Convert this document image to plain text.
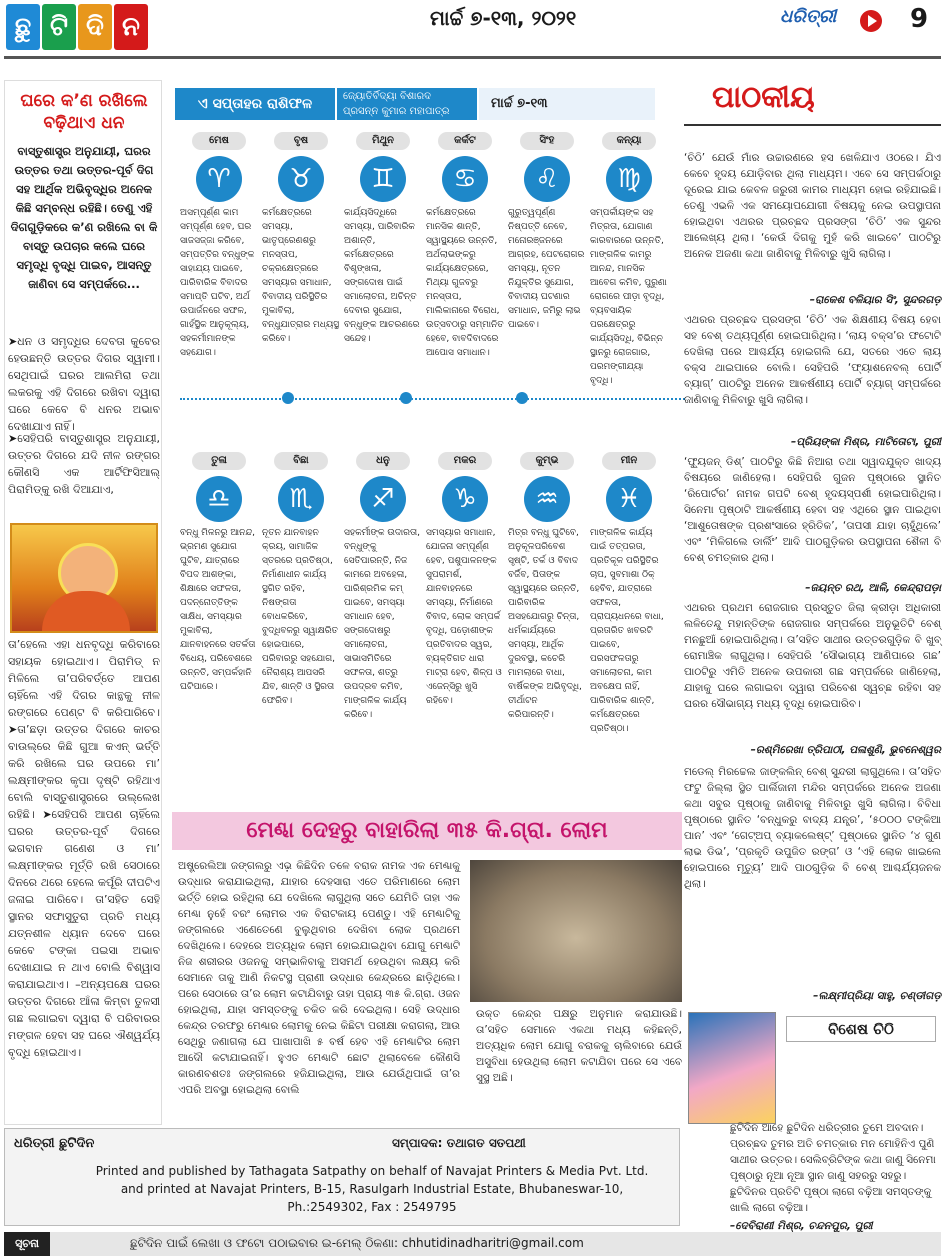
ଛୁ ଟି ଦି ନ	ମାର୍ଚ୍ଚ ୭-୧୩, ୨୦୨୧	ଧରିତ୍ରୀ	9
ଘରେ କ’ଣ ରଖିଲେ ବଢ଼ିଥାଏ ଧନ
ବାସ୍ତୁଶାସ୍ତ୍ର ଅନୁଯାୟୀ, ଘରର ଉତ୍ତର ତଥା ଉତ୍ତର-ପୂର୍ବ ଦିଗ ସହ ଆର୍ଥିକ ଅଭିବୃଦ୍ଧିର ଅନେକ କିଛି ସମ୍ବନ୍ଧ ରହିଛି। ତେଣୁ ଏହି ଦିଗଗୁଡ଼ିକରେ କ’ଣ ରଖିଲେ ବା କି ବାସ୍ତୁ ଉପଚାର କଲେ ଘରେ ସମୃଦ୍ଧି ବୃଦ୍ଧି ପାଇବ, ଆସନ୍ତୁ ଜାଣିବା ସେ ସମ୍ପର୍କରେ...
➤ଧନ ଓ ସମୃଦ୍ଧିର ଦେବତା କୁବେର ହେଉଛନ୍ତି ଉତ୍ତର ଦିଗର ସ୍ୱାମୀ। ସେଥିପାଇଁ ଘରର ଆଲମିରା ତଥା ଲକରକୁ ଏହି ଦିଗରେ ରଖିବା ଦ୍ୱାରା ଘରେ କେବେ ବି ଧନର ଅଭାବ ଦେଖାଯାଏ ନାହିଁ।
➤ସେହିପରି ବାସ୍ତୁଶାସ୍ତ୍ର ଅନୁଯାୟୀ, ଉତ୍ତର ଦିଗରେ ଯଦି ନୀଳ ରଙ୍ଗର କୌଣସି ଏକ ଆର୍ଟିଫିସିଆଲ୍ ପିରାମିଡ୍‌କୁ ରଖି ଦିଆଯାଏ,
ତା’ହେଲେ ଏହା ଧନବୃଦ୍ଧି କରିବାରେ ସହାୟକ ହୋଇଥାଏ। ପିରାମିଡ୍ ନ ମିଳିଲେ ତା’ପରିବର୍ତ୍ତେ ଆପଣ ଚାହିଁଲେ ଏହି ଦିଗର କାନ୍ଥକୁ ନୀଳ ରଙ୍ଗରେ ପେଣ୍ଟ ବି କରିପାରିବେ। ➤ତା’ଛଡ଼ା ଉତ୍ତର ଦିଗରେ କାଚର ବାଉଲ୍‌ରେ କିଛି ଗୁଆ କଏନ୍ ଭର୍ତ୍ତି କରି ରଖିଲେ ଘର ଉପରେ ମା’ ଲକ୍ଷ୍ମୀଙ୍କର କୃପା ଦୃଷ୍ଟି ରହିଥାଏ ବୋଲି ବାସ୍ତୁଶାସ୍ତ୍ରରେ ଉଲ୍ଲେଖ ରହିଛି। ➤ସେହିପରି ଆପଣ ଚାହିଁଲେ ଘରର ଉତ୍ତର-ପୂର୍ବ ଦିଗରେ ଭଗବାନ ଗଣେଶ ଓ ମା’ ଲକ୍ଷ୍ମୀଙ୍କର ମୂର୍ତ୍ତି ରଖି ସେଠାରେ ଦିନରେ ଥରେ ହେଲେ କର୍ପୂରି ଦୀପଟିଏ ଜଳାଇ ପାରିବେ। ତା’ସହିତ ସେହି ସ୍ଥାନର ସଫାସୁତୁରା ପ୍ରତି ମଧ୍ୟ ଯତ୍ନଶୀଳ ଧ୍ୟାନ ଦେବେ ଘରେ କେବେ ଟଙ୍କା ପଇସା ଅଭାବ ଦେଖାଯାଇ ନ ଥାଏ ବୋଲି ବିଶ୍ୱାସ କରାଯାଇଥାଏ। –ଅନ୍ୟପକ୍ଷେ ଘରର ଉତ୍ତର ଦିଗରେ ଆଁଳା କିମ୍ବା ତୁଳସୀ ଗଛ ଲଗାଇବା ଦ୍ୱାରା ବି ପରିବାରର ମଙ୍ଗଳ ହେବା ସହ ଘରେ ଐଶ୍ୱର୍ଯ୍ୟ ବୃଦ୍ଧି ହୋଇଥାଏ।
ଏ ସପ୍ତାହର ରାଶିଫଳ	ଜ୍ୟୋତିର୍ବିଦ୍ୟା ବିଶାରଦ
ପ୍ରସନ୍ନ କୁମାର ମହାପାତ୍ର
ମାର୍ଚ୍ଚ ୭-୧୩
ମେଷ
♈
ଅସମ୍ପୂର୍ଣ୍ଣ କାମ ସମ୍ପୂର୍ଣ୍ଣ ହେବ, ଘର ସାଜସଜ୍ଜା କରିବେ, ସମ୍ପତ୍ତିର ବନ୍ଧୁଙ୍କ ସାହାଯ୍ୟ ପାଇବେ, ପାରିବାରିକ ବିବାଦର ସମାପ୍ତି ଘଟିବ, ଅର୍ଥ ଉପାର୍ଜନରେ ସଫଳ, ଗାର୍ହସ୍ଥିକ ଆନୁକୂଲ୍ୟ, ସହକର୍ମୀମାନଙ୍କ ସହଯୋଗ।
ବୃଷ
♉
କର୍ମକ୍ଷେତ୍ରରେ ସମସ୍ୟା, ଭାତୃପ୍ରେଣଶରୁ ମନସ୍ତାପ, ଚକ୍ରକ୍ଷେତ୍ରରେ ସମସ୍ୟାର ସମାଧାନ, ବିବାଦୀୟ ପରିସ୍ଥିତିର ମୁକାବିଲା, ବନ୍ଧୁଯାତ୍ରାର ମଧ୍ୟସ୍ଥ କରିବେ।
ମିଥୁନ
♊
କାର୍ଯ୍ୟସିଦ୍ଧିରେ ସମସ୍ୟା, ପାରିବାରିକ ଅଶାନ୍ତି, କର୍ମକ୍ଷେତ୍ରରେ ବିଶୃଙ୍ଖଳା, ସଙ୍ଗଦୋଷ ପାଇଁ ସମାଲୋଚନା, ଅଚିନ୍ତ ଦେବାର ସୁଯୋଗ, ବନ୍ଧୁଙ୍କ ଆଚରଣରେ ସନ୍ଦେହ।
କର୍କଟ
♋
କର୍ମକ୍ଷେତ୍ରରେ ମାନସିକ ଶାନ୍ତି, ସ୍ୱାସ୍ଥ୍ୟରେ ଉନ୍ନତି, ଅର୍ଥଲାଭଙ୍କରୁ କାର୍ଯ୍ୟକ୍ଷେତ୍ରରେ, ମିଥ୍ୟା ଗୁଜବରୁ ମନସ୍ତାପ, ମାଲିକାନାରେ ବିରୋଧ, ଉତ୍ସବଠାରୁ ସମ୍ମାନିତ ହେବେ, ବାବଦିବାଦରେ ଆପୋସ ସମାଧାନ।
ସିଂହ
♌
ଗୁରୁତ୍ୱପୂର୍ଣ୍ଣ ନିଷ୍ପତ୍ତି ନେବେ, ମନୋରଞ୍ଜନରେ ଆଗ୍ରହ, ପେଟରୋଗର ସମସ୍ୟା, ନୂତନ ନିଯୁକ୍ତିର ସୁଯୋଗ, ବିବାଦୀୟ ଘଟଣାର ସମାଧାନ, ଜମିରୁ ଲାଭ ପାଇବେ।
କନ୍ୟା
♍
ସମ୍ପର୍କୀୟଙ୍କ ସହ ମିତ୍ରତା, ଯୋଗାଣ କାରବାରରେ ଉନ୍ନତି, ମାଙ୍ଗଳିକ କାମରୁ ଆନନ୍ଦ, ମାନସିକ ଆବେଗ କମିବ, ପୁରୁଣା ରୋଗରେ ପୀଡ଼ା ବୃଦ୍ଧି, ବ୍ୟବସାୟିକ ପରକ୍ଷେତ୍ରରୁ କାର୍ଯ୍ୟସିଦ୍ଧି, ବିଭିନ୍ନ ସ୍ଥାନରୁ ରୋଜଗାର, ପରମଙ୍ଗୀଯ୍ୟା ବୃଦ୍ଧି।
ତୁଳା
♎
ବନ୍ଧୁ ମିଳନରୁ ଆନନ୍ଦ, ଭ୍ରମଣ ସୁଯୋଗ ଘୁଟିବ, ଯାତ୍ରାରେ ବିପଦ ଆଶଙ୍କା, ଶିକ୍ଷାରେ ସଫଳତା, ପଦନ୍ନୋତ୍ତିଙ୍କ ସାକ୍ଷିଧ, ସମସ୍ୟାର ମୁକାବିଲା, ଯାନବାହନରେ ସତର୍କତା ବିଧେୟ, ପରିବେଶରେ ଉନ୍ନତି, ସମ୍ପର୍କହାନି ଘଟିପାରେ।
ବିଛା
♏
ନୂତନ ଯାନବାହନ କ୍ରୟ, ସାମାଜିକ ସ୍ତରରେ ପ୍ରତିଷ୍ଠା, ନିର୍ମାଣାଧୀନ କାର୍ଯ୍ୟ ସ୍ଥଗିତ ରହିବ, ନିଷଙ୍ଗତା ବୋଧକରିବେ, ବୁଦ୍ଧିବଳରୁ ସ୍ୱାକ୍ଷରିତ ହୋଇପାରେ, ପରିବାରରୁ ସହଯୋଗ, ନୈରାଶ୍ୟ ଆପସରି ଯିବ, ଶାନ୍ତି ଓ ସ୍ଥିରତା ଫେରିବ।
ଧନୁ
♐
ସହକର୍ମୀଙ୍କ ଉଦାରତା, ବନ୍ଧୁଙ୍କୁ ସେତିପାରନ୍ତି, ନିଜ କାମରେ ଅବହେଳା, ପାରିଶ୍ରମିକ କମ୍ ପାଇବେ, ସମସ୍ୟା ସମାଧାନ ହେବ, ସଙ୍ଗଦୋଷରୁ ସମାଲୋଚନା, ସାଭାସମିତିରେ ସଫଳତା, ଶତ୍ରୁ ଉପଦ୍ରବ କମିବ, ମାଙ୍ଗଳିକ କାର୍ଯ୍ୟ କରିବେ।
ମକର
♑
ସମସ୍ୟାର ସମାଧାନ, ଯୋଜନା ସମ୍ପୂର୍ଣ୍ଣ ହେବ, ପଶୁପାଳନଙ୍କ ସୁପରାମର୍ଶ, ଯାନବାହନରେ ସମସ୍ୟା, ନିର୍ମାଣରେ ବିବାଦ, ଲୋକ ସମ୍ପର୍କ ବୃଦ୍ଧି, ପଡ଼ୋଶୀଙ୍କ ପ୍ରତିବାଦର ସ୍ୱର, ବ୍ୟକ୍ତିଗତ ଧାରା ମାଟ୍ରା ହେବ, ଶିଳ୍ପ ଓ ଏଜେନ୍ସିରୁ ଖୁସି ରହିବେ।
କୁମ୍ଭ
♒
ମିତ୍ର ବନ୍ଧୁ ଘୁଟିବେ, ଅନୁକୂଳପରିବେଶ ସୃଷ୍ଟି, ତର୍କ ଓ ବିବାଦ ବର୍ଜିବ, ପିତାଙ୍କ ସ୍ୱାସ୍ଥ୍ୟରେ ଉନ୍ନତି, ପାରିବାରିକ ଅସହଯୋଗରୁ ଚିନ୍ତା, ଧର୍ମକାର୍ଯ୍ୟରେ ସମସ୍ୟା, ଆର୍ଥିକ ଦୁରବସ୍ଥା, କଚେରି ମାମଲାରେ ବାଧା, ବାର୍ଷିକଙ୍କ ଅଭିବୃଦ୍ଧି, ତୀର୍ଥାଟନ କରିପାରନ୍ତି।
ମୀନ
♓
ମାଙ୍ଗଳିକ କାର୍ଯ୍ୟ ପାଇଁ ତତ୍ପରତା, ପ୍ରତିକୂଳ ପରିସ୍ଥିତିର ଚାପ, ସୁବମାଶା ଠିକ୍ ହେବିବ, ଯାତ୍ରାରେ ସଫଳତା, ପ୍ରାପ୍ୟଧନରେ ବାଧା, ପ୍ରତାରିତ ଖବରଟି ପାଇବେ, ପରସଫଳତାରୁ ସମାଲୋଚନା, କାମ ଅବକ୍ଷେପ ନାହିଁ, ପାରିବାରିକ ଶାନ୍ତି, କର୍ମକ୍ଷେତ୍ରରେ ପ୍ରତିଷ୍ଠା।
ମେଣ୍ଢା ଦେହରୁ ବାହାରିଲା ୩୫ କି.ଗ୍ରା. ଲୋମ
ଅଷ୍ଟ୍ରେଲିଆ ଜଙ୍ଗଲରୁ ଏଭ଼ କିଛିଦିନ ତଳେ ବରାକ ନାମକ ଏକ ମେଣ୍ଢାକୁ ଉଦ୍ଧାର କରାଯାଇଥିଲା, ଯାହାର ଦେହସାରା ଏତେ ପରିମାଣରେ ଲୋମ ଭର୍ତ୍ତି ହୋଇ ରହିଥିଲା ଯେ ଦେଖିଲେ ଲାଗୁଥିଲା ସତେ ଯେମିତି ତାହା ଏକ ମେଣ୍ଢା ନୁହେଁ ବରଂ ଲୋମର ଏକ ବିରାଟକାୟ ପେଣ୍ଡୁ। ଏହି ମେଣ୍ଢାଟିକୁ ଜଙ୍ଗଲରେ ଏଣେତେଣେ ବୁଲୁଥିବାର ଦେଖିବା ଲୋକ ପ୍ରଥମେ ଦେଖିଥିଲେ। ଦେହରେ ଅତ୍ୟଧିକ ଲୋମ ହୋଇଯାଇଥିବା ଯୋଗୁ ମେଣ୍ଢାଟି ନିଜ ଶରୀରର ଓଜନକୁ ସମ୍ଭାଳିବାକୁ ଅସମର୍ଥ ହେଉଥିବା ଲକ୍ଷ୍ୟ କରି ସେମାନେ ତାକୁ ଆଣି ନିକଟସ୍ଥ ପ୍ରାଣୀ ଉଦ୍ଧାର କେନ୍ଦ୍ରରେ ଛାଡ଼ିଥିଲେ। ପରେ ସେଠାରେ ତା’ର ଲୋମ କଟାଯିବାରୁ ତାହା ପ୍ରାୟ ୩୫ କି.ଗ୍ରା. ଓଜନ ହୋଇଥିଲା, ଯାହା ସମସ୍ତଙ୍କୁ ଚକିତ କରି ଦେଇଥିଲା। ସେହି ଉଦ୍ଧାର କେନ୍ଦ୍ର ତରଫରୁ ମେଣ୍ଢାର ଲୋମକୁ ନେଇ କିଛିଟା ପରୀକ୍ଷା କରାଗଲା, ଆଉ ସେଥିରୁ ଜଣାଗଲା ଯେ ପାଖାପାଖି ୫ ବର୍ଷ ହେବ ଏହି ମେଣ୍ଢାଟିର ଲୋମ ଆଦୌ କଟାଯାଇନାହିଁ। ହୁଏତ ମେଣ୍ଢାଟି ଛୋଟ ଥିଲାବେଳେ କୌଣସି କାରଣବଶତଃ ଜଙ୍ଗଲରେ ହଜିଯାଇଥିଲା, ଆଉ ଯେଉଁଥିପାଇଁ ତା’ର ଏପରି ଅବସ୍ଥା ହୋଇଥିଲା ବୋଲି
ଉକ୍ତ କେନ୍ଦ୍ର ପକ୍ଷରୁ ଅନୁମାନ କରାଯାଉଛି। ତା’ସହିତ ସେମାନେ ଏକଥା ମଧ୍ୟ କହିଛନ୍ତି, ଅତ୍ୟଧିକ ଲୋମ ଯୋଗୁ ବରାକକୁ ଚାଲିବାରେ ଯେଉଁ ଅସୁବିଧା ହେଉଥିଲା ଲୋମ କଟାଯିବା ପରେ ସେ ଏବେ ସୁସ୍ଥ ଅଛି।
ପାଠକୀୟ
‘ଚିଠି’ ଯେଉଁ ମାଁର ଉଚ୍ଚାରଣରେ ହସ ଖେଳିଯାଏ ଓଠରେ। ଯିଏ କେବେ ହୃଦୟ ଯୋଡ଼ିବାର ଥିଲା ମାଧ୍ୟମ। ଏବେ ସେ ସମ୍ପର୍କଠାରୁ ଦୂରେଇ ଯାଇ କେବଳ ଜରୁରୀ କାମର ମାଧ୍ୟମ ହୋଇ ରହିଯାଇଛି। ତେଣୁ ଏଭଳି ଏକ ସମୟୋପଯୋଗୀ ବିଷୟକୁ ନେଇ ଉପସ୍ଥାପନା ହୋଇଥିବା ଏଥରର ପ୍ରଚ୍ଛଦ ପ୍ରସଙ୍ଗ ‘ଚିଠି’ ଏକ ସୁନ୍ଦର ଆଲେଖ୍ୟ ଥିଲା। ‘କେଉଁ ଦିଗକୁ ମୁହଁ କରି ଖାଇବେ’ ପାଠଟିରୁ ଅନେକ ଅଜଣା କଥା ଜାଣିବାକୁ ମିଳିବାରୁ ଖୁସି ଲାଗିଲା।
–ରାକେଶ ବଳିୟାର ସିଂ, ସୁନ୍ଦରଗଡ଼
ଏଥରର ପ୍ରଚ୍ଛଦ ପ୍ରସଙ୍ଗ ‘ଚିଠି’ ଏକ ଶିକ୍ଷଣୀୟ ବିଷୟ ହେବା ସହ ବେଶ୍ ତଥ୍ୟପୂର୍ଣ୍ଣ ହୋଇପାରିଥିଲା। ‘ଲାୟ ବକ୍ସ’ର ଫଟୋଟି ଦେଖିଲା ପରେ ଆଶ୍ଚର୍ଯ୍ୟ ହୋଇଗଲି ଯେ, ସତରେ ଏତେ ଲାୟ ବକ୍ସ ଥାଇପାରେ ବୋଲି। ସେହିପରି ‘ଫ୍ୟାଶନେବଲ୍ ପୋର୍ଟି ବ୍ୟାଗ୍’ ପାଠଟିରୁ ଅନେକ ଆକର୍ଷଣୀୟ ପୋର୍ଟି ବ୍ୟାଗ୍ ସମ୍ପର୍କରେ ଜାଣିବାକୁ ମିଳିବାରୁ ଖୁସି ଲାଗିଲା।
–ପ୍ରିୟଙ୍କା ମିଶ୍ର, ମାଟିତୋଟା, ପୁରୀ
‘ଫ୍ୟୁଜନ୍ ଡିଶ୍’ ପାଠଟିରୁ କିଛି ନିଆରା ତଥା ସ୍ୱାଦଯୁକ୍ତ ଖାଦ୍ୟ ବିଷୟରେ ଜାଣିହେଲା। ସେହିପରି ଗୁଜନ ପୃଷ୍ଠାରେ ସ୍ଥାନିତ ‘ରିପୋର୍ଟର’ ନାମକ ଗପଟି ବେଶ୍ ହୃଦୟସ୍ପର୍ଶୀ ହୋଇପାରିଥିଲା। ସିନେମା ପୃଷ୍ଠାଟି ଆକର୍ଷଣୀୟ ହେବା ସହ ଏଥିରେ ସ୍ଥାନ ପାଇଥିବା ‘ଆଶୁତୋଷଙ୍କ ପ୍ରଶଂସାରେ ହ୍ରିତିକ’, ‘ତାପସୀ ଯାହା ଚାହୁଁଥିଲେ’ ଏବଂ ‘ମିଳିଗଲେ ଡାର୍ଲିଂ’ ଆଦି ପାଠଗୁଡ଼ିକର ଉପସ୍ଥାପନା ଶୈଳୀ ବି ବେଶ୍ ଚମତ୍କାର ଥିଲା।
–ଜୟନ୍ତ ରଥ, ଆଳି, କେନ୍ଦ୍ରାପଡ଼ା
ଏଥରର ପ୍ରଥମ ରୋଜଗାର ପ୍ରସ୍ତୁତ ଜିଲା କ୍ରୀଡ଼ା ଅଧିକାରୀ ଲଳିତେନ୍ଦୁ ମହାନ୍ତିଙ୍କ ରୋଜଗାର ସମ୍ପର୍କରେ ଅନୁଭୂତିଟି ବେଶ୍ ମନଛୁଆଁ ହୋଇପାରିଥିଲା। ତା’ସହିତ ସାଥୀର ଉତ୍ତରଗୁଡ଼ିକ ବି ଖୁବ୍ ରୋମାଞ୍ଚିକ ଲାଗୁଥିଲା। ସେହିପରି ‘ସୌଭାଗ୍ୟ ଆଣିପାରେ ଗଛ’ ପାଠଟିରୁ ଏମିତି ଅନେକ ଉପକାରୀ ଗଛ ସମ୍ପର୍କରେ ଜାଣିହେଲା, ଯାହାକୁ ଘରେ ଲଗାଇବା ଦ୍ୱାରା ପରିବେଶ ସ୍ୱଚ୍ଛ ରହିବା ସହ ଘରର ସୌଭାଗ୍ୟ ମଧ୍ୟ ବୃଦ୍ଧି ହୋଇପାରିବ।
–ରଶ୍ମିରେଖା ତ୍ରିପାଠୀ, ପଳାଶୁଣି, ଭୁବନେଶ୍ୱର
ମଡେଲ୍ ମିରଚ୍ଚେଲ ଜାଙ୍କଲିନ୍ ବେଶ୍ ସୁନ୍ଦରୀ ଲାଗୁଥିଲେ। ତା’ସହିତ ଫଟୁ ଜିଲ୍ଲା ସ୍ଥିତ ପାର୍ଲିଜାନୀ ମନ୍ଦିର ସମ୍ପର୍କରେ ଅନେକ ଅଜଣା କଥା ସବୁର ପୃଷ୍ଠାକୁ ଜାଣିବାକୁ ମିଳିବାରୁ ଖୁସି ଲାଗିଲା। ବିବିଧା ପୃଷ୍ଠାରେ ସ୍ଥାନିତ ‘ବନ୍ଧୁକରୁ ବାଦ୍ୟ ଯନ୍ତ୍ର’, ‘୫୦୦୦ ଟଙ୍କିଆ ପାନ’ ଏବଂ ‘ଗେଟ୍‌ଅପ୍ ବ୍ୟାକଲେଷ୍ଟ୍’ ପୃଷ୍ଠାରେ ସ୍ଥାନିତ ‘୪ ଗୁଣ ଲାଭ ଡିଭ’, ‘ପ୍ରକୃତି ଉପୁଜିତ ରଙ୍ଗ’ ଓ ‘ଏହି ଲୋକ ଖାଇଲେ ହୋଇପାରେ ମୃତ୍ୟୁ’ ଆଦି ପାଠଗୁଡ଼ିକ ବି ବେଶ୍ ଆଶ୍ଚର୍ଯ୍ୟଜନକ ଥିଲା।
–ଲକ୍ଷ୍ମୀପ୍ରିୟା ସାହୁ, ଚଣ୍ଡୀଗଡ଼
ବିଶେଷ ଚିଠି
ଛୁଟିଦିନ ଆହେ ଛୁଟିଦିନ ଧରିତ୍ରୀର ତୁମେ ଅବଦାନ। ପ୍ରଚ୍ଛଦ ତୁମର ଅତି ଚମତ୍କାର ମନ ମୋହିନିଏ ପୁଣି ସାଥୀର ଉତ୍ତର। ସେଲିବ୍ରିଟିଙ୍କ କଥା ଜାଣୁ ସିନେମା ପୃଷ୍ଠାରୁ ନୂଆ ନୂଆ ସ୍ଥାନ ଜାଣୁ ସହରରୁ ସହରୁ। ଛୁଟିଦିନର ପ୍ରତିଟି ପୃଷ୍ଠା ଲାଗେ ବଢ଼ିଆ ସମସ୍ତଙ୍କୁ ଖାଲି ଲାଗେ ବଢ଼ିଆ।
–ଦେବିରାଣୀ ମିଶ୍ର, ଚନ୍ଦନପୁର, ପୁରୀ
ଧରିତ୍ରୀ ଛୁଟିଦିନ	ସମ୍ପାଦକ: ତଥାଗତ ସତପଥୀ
Printed and published by Tathagata Satpathy on behalf of Navajat Printers & Media Pvt. Ltd. and printed at Navajat Printers, B-15, Rasulgarh Industrial Estate, Bhubaneswar-10, Ph.:2549302, Fax : 2549795
ସୂଚନା	ଛୁଟିଦିନ ପାଇଁ ଲେଖା ଓ ଫଟୋ ପଠାଇବାର ଇ-ମେଲ୍ ଠିକଣା: chhutidinadharitri@gmail.com
